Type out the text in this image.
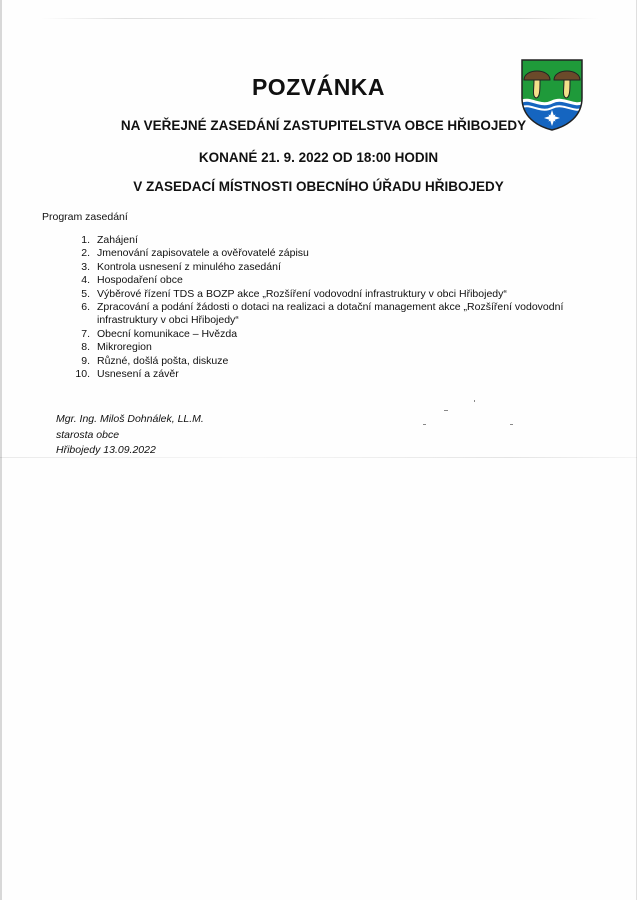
POZVÁNKA
NA VEŘEJNÉ ZASEDÁNÍ ZASTUPITELSTVA OBCE HŘIBOJEDY
KONANÉ 21. 9. 2022 OD 18:00 HODIN
V ZASEDACÍ MÍSTNOSTI OBECNÍHO ÚŘADU HŘIBOJEDY
Program zasedání
1. Zahájení
2. Jmenování zapisovatele a ověřovatelé zápisu
3. Kontrola usnesení z minulého zasedání
4. Hospodaření obce
5. Výběrové řízení TDS a BOZP akce „Rozšíření vodovodní infrastruktury v obci Hřibojedy“
6. Zpracování a podání žádosti o dotaci na realizaci a dotační management akce „Rozšíření vodovodní infrastruktury v obci Hřibojedy“
7. Obecní komunikace – Hvězda
8. Mikroregion
9. Různé, došlá pošta, diskuze
10. Usnesení a závěr
Mgr. Ing. Miloš Dohnálek, LL.M.
starosta obce
Hřibojedy 13.09.2022
